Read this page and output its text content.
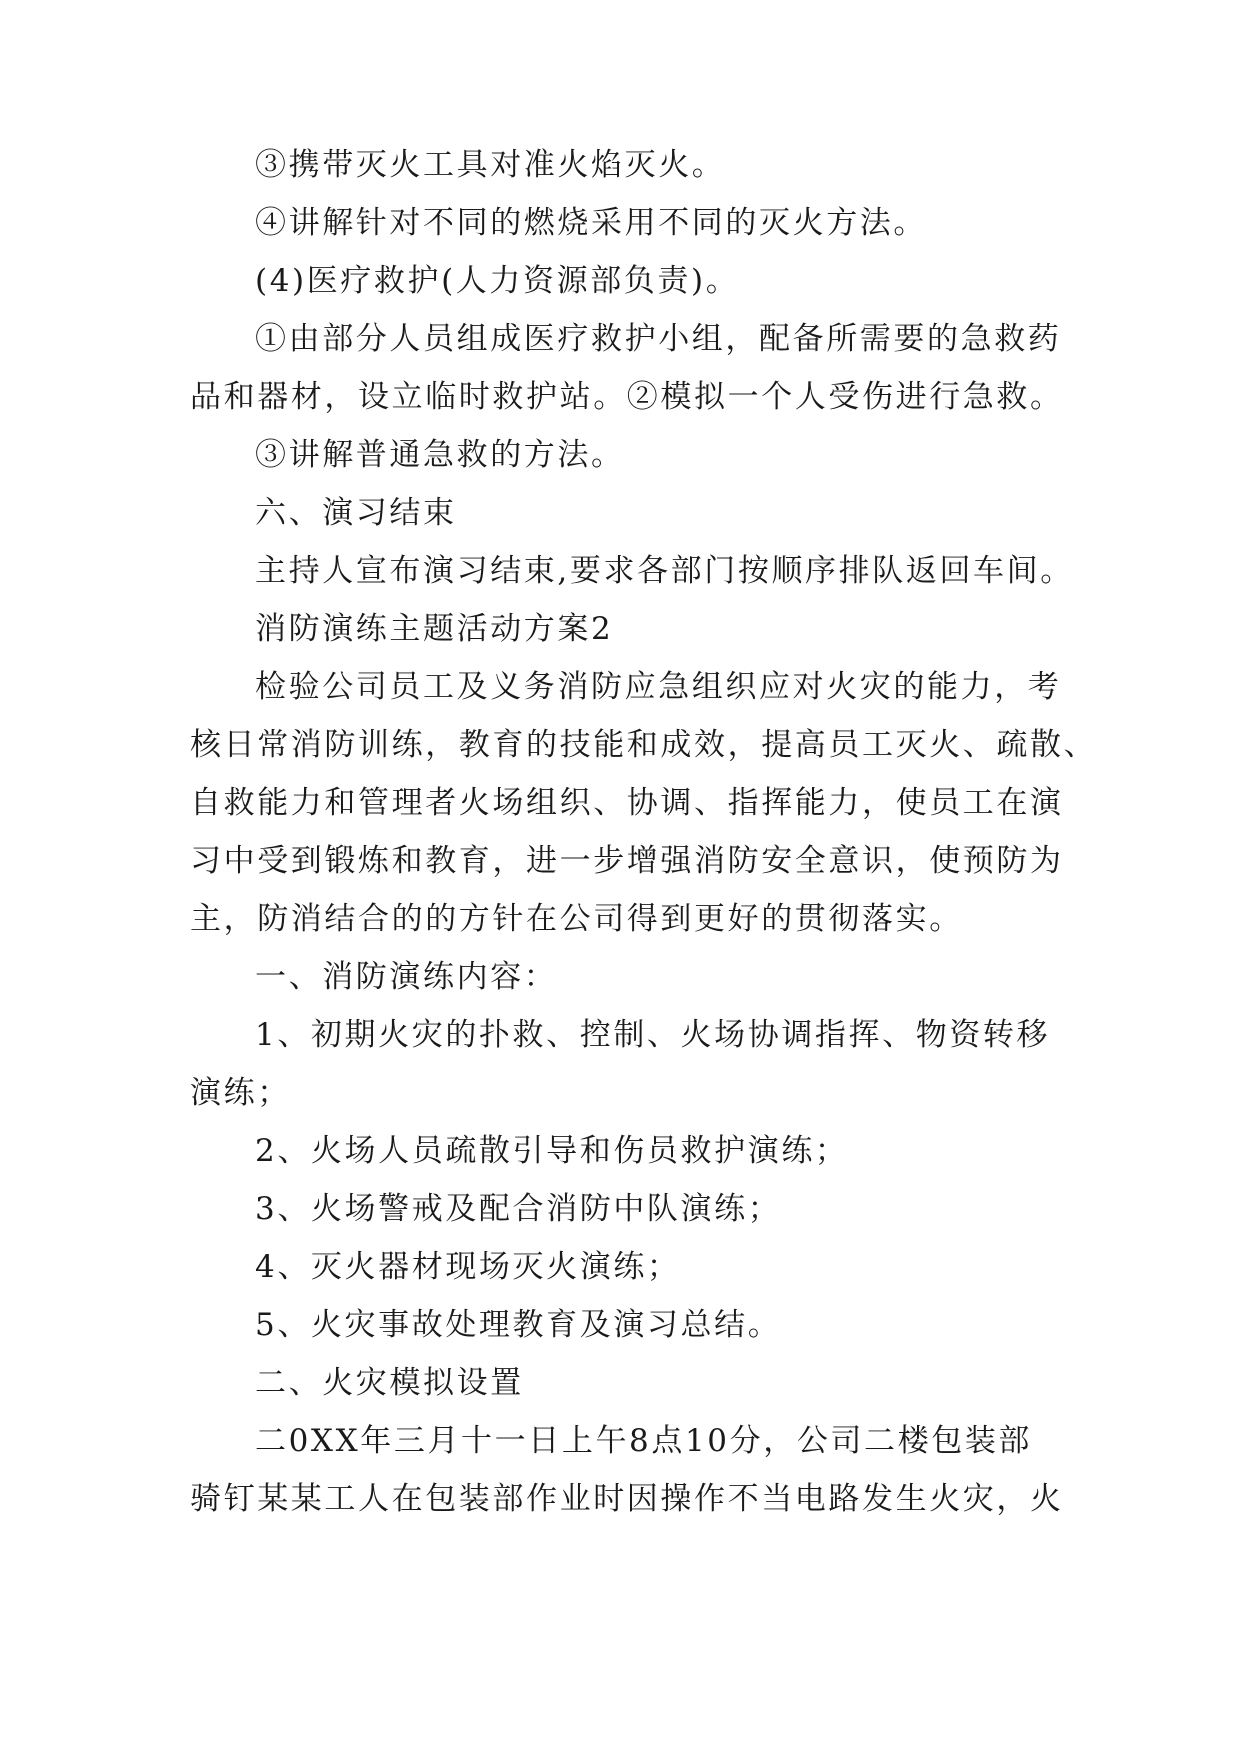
③携带灭火工具对准火焰灭火。

④讲解针对不同的燃烧采用不同的灭火方法。

(4)医疗救护(人力资源部负责)。

①由部分人员组成医疗救护小组，配备所需要的急救药

品和器材，设立临时救护站。②模拟一个人受伤进行急救。

③讲解普通急救的方法。

六、演习结束

主持人宣布演习结束,要求各部门按顺序排队返回车间。

消防演练主题活动方案2

检验公司员工及义务消防应急组织应对火灾的能力，考

核日常消防训练，教育的技能和成效，提高员工灭火、疏散、

自救能力和管理者火场组织、协调、指挥能力，使员工在演

习中受到锻炼和教育，进一步增强消防安全意识，使预防为

主，防消结合的的方针在公司得到更好的贯彻落实。

一、消防演练内容：

1、初期火灾的扑救、控制、火场协调指挥、物资转移

演练；

2、火场人员疏散引导和伤员救护演练；

3、火场警戒及配合消防中队演练；

4、灭火器材现场灭火演练；

5、火灾事故处理教育及演习总结。

二、火灾模拟设置

二0XX年三月十一日上午8点10分，公司二楼包装部

骑钉某某工人在包装部作业时因操作不当电路发生火灾，火
